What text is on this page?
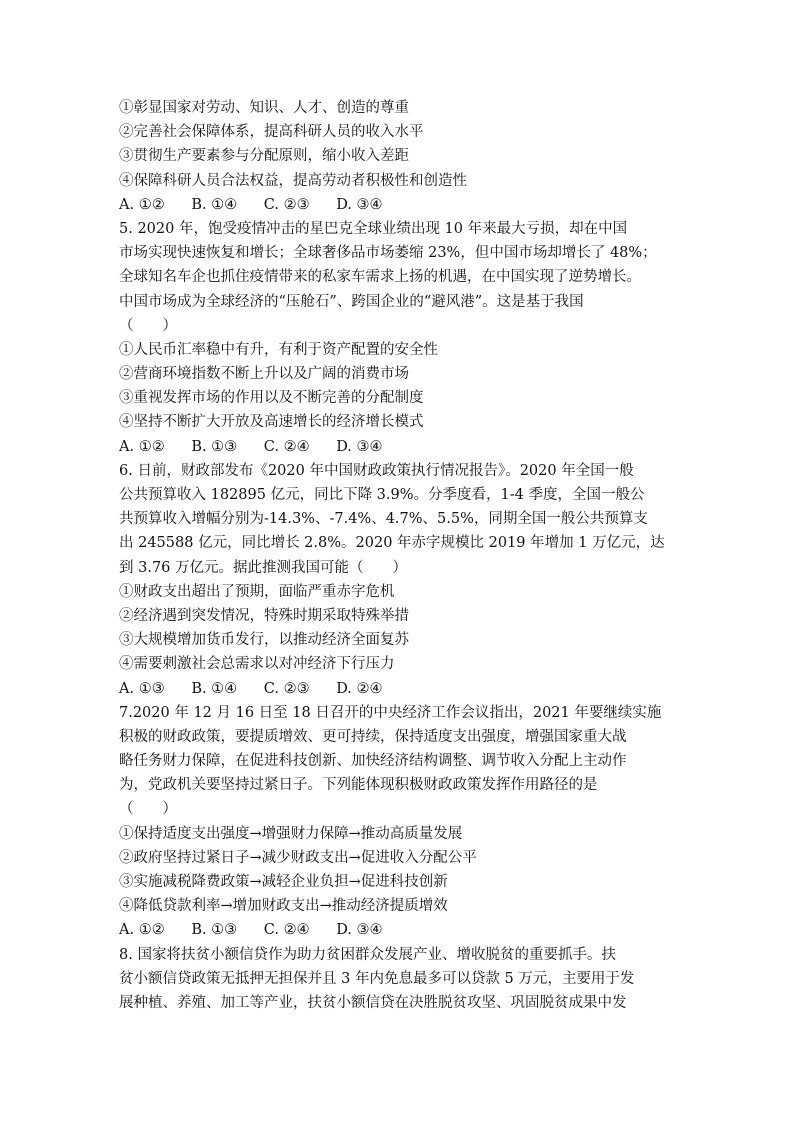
①彰显国家对劳动、知识、人才、创造的尊重
②完善社会保障体系，提高科研人员的收入水平
③贯彻生产要素参与分配原则，缩小收入差距
④保障科研人员合法权益，提高劳动者积极性和创造性
A. ①② B. ①④ C. ②③ D. ③④
5. 2020 年，饱受疫情冲击的星巴克全球业绩出现 10 年来最大亏损，却在中国
市场实现快速恢复和增长；全球奢侈品市场萎缩 23%，但中国市场却增长了 48%；
全球知名车企也抓住疫情带来的私家车需求上扬的机遇，在中国实现了逆势增长。
中国市场成为全球经济的“压舱石”、跨国企业的“避风港”。这是基于我国
（　　）
①人民币汇率稳中有升，有利于资产配置的安全性
②营商环境指数不断上升以及广阔的消费市场
③重视发挥市场的作用以及不断完善的分配制度
④坚持不断扩大开放及高速增长的经济增长模式
A. ①② B. ①③ C. ②④ D. ③④
6. 日前，财政部发布《2020 年中国财政政策执行情况报告》。2020 年全国一般
公共预算收入 182895 亿元，同比下降 3.9%。分季度看，1-4 季度，全国一般公
共预算收入增幅分别为-14.3%、-7.4%、4.7%、5.5%，同期全国一般公共预算支
出 245588 亿元，同比增长 2.8%。2020 年赤字规模比 2019 年增加 1 万亿元，达
到 3.76 万亿元。据此推测我国可能（　　）
①财政支出超出了预期，面临严重赤字危机
②经济遇到突发情况，特殊时期采取特殊举措
③大规模增加货币发行，以推动经济全面复苏
④需要刺激社会总需求以对冲经济下行压力
A. ①③ B. ①④ C. ②③ D. ②④
7.2020 年 12 月 16 日至 18 日召开的中央经济工作会议指出，2021 年要继续实施
积极的财政政策，要提质增效、更可持续，保持适度支出强度，增强国家重大战
略任务财力保障，在促进科技创新、加快经济结构调整、调节收入分配上主动作
为，党政机关要坚持过紧日子。下列能体现积极财政政策发挥作用路径的是
（　　）
①保持适度支出强度→增强财力保障→推动高质量发展
②政府坚持过紧日子→减少财政支出→促进收入分配公平
③实施减税降费政策→减轻企业负担→促进科技创新
④降低贷款利率→增加财政支出→推动经济提质增效
A. ①② B. ①③ C. ②④ D. ③④
8. 国家将扶贫小额信贷作为助力贫困群众发展产业、增收脱贫的重要抓手。扶
贫小额信贷政策无抵押无担保并且 3 年内免息最多可以贷款 5 万元，主要用于发
展种植、养殖、加工等产业，扶贫小额信贷在决胜脱贫攻坚、巩固脱贫成果中发
